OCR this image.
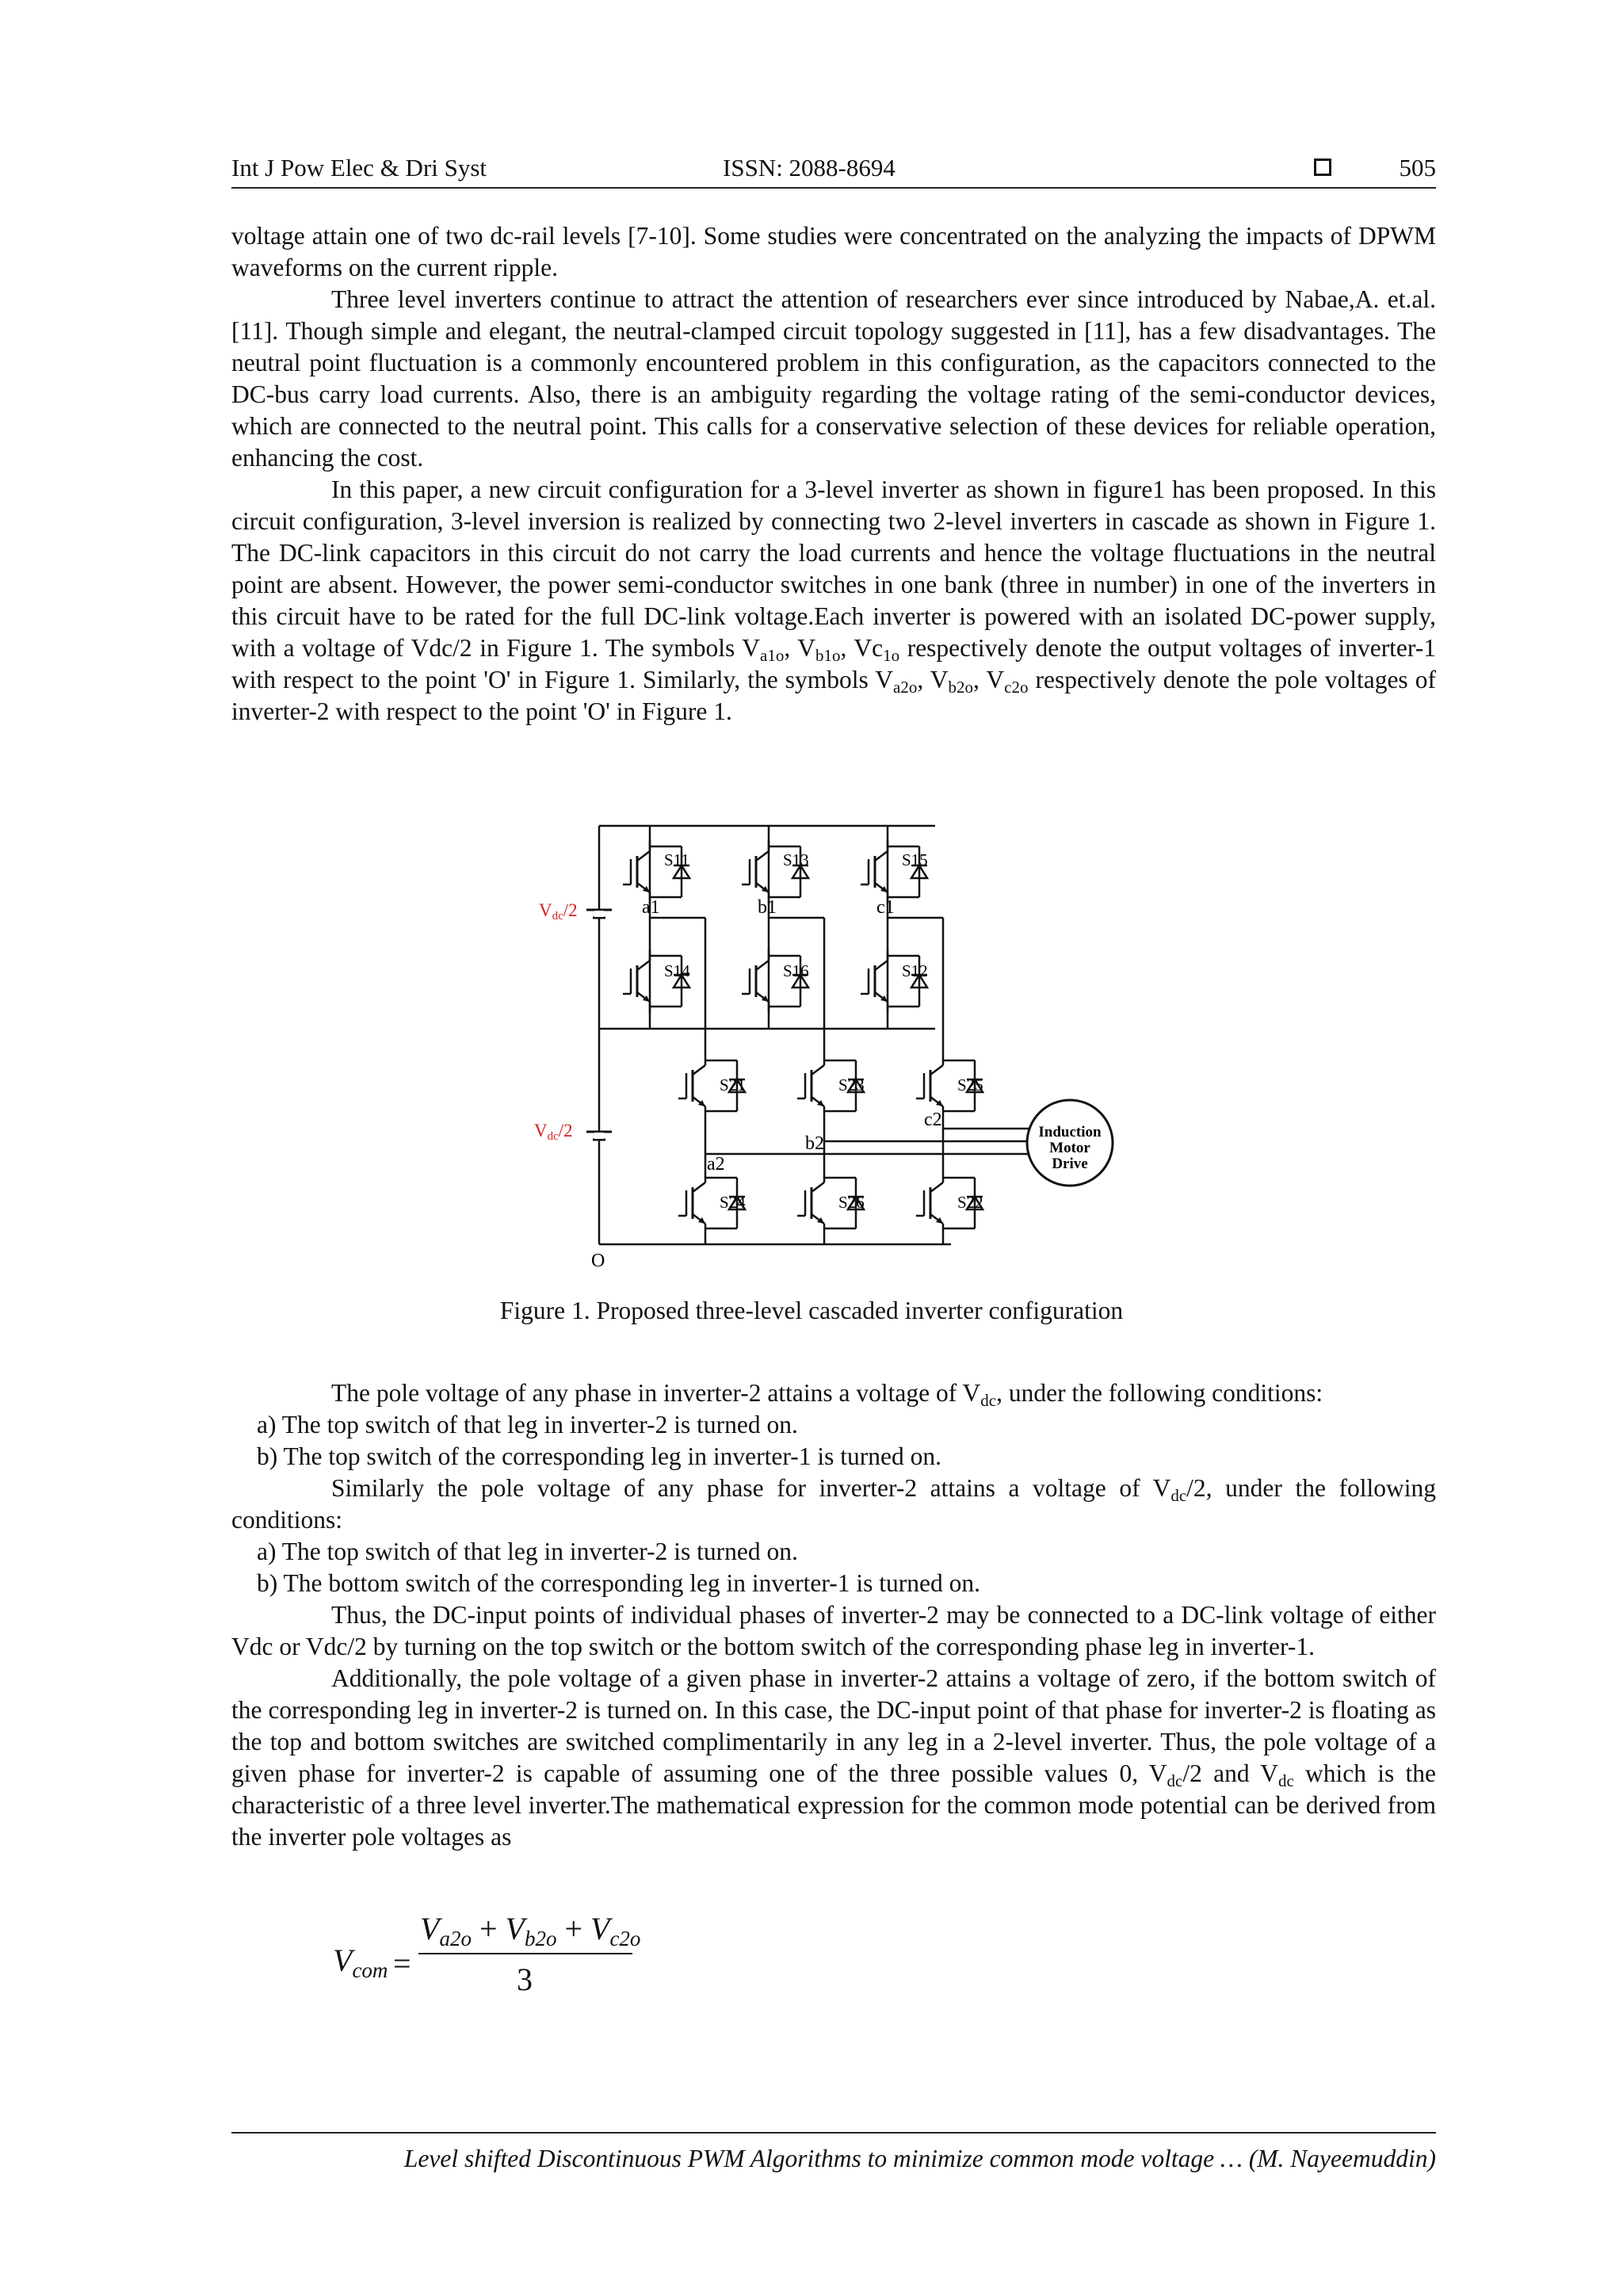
Int J Pow Elec & Dri Syst	ISSN: 2088-8694	505

voltage attain one of two dc-rail levels [7-10]. Some studies were concentrated on the analyzing the impacts of DPWM waveforms on the current ripple.

Three level inverters continue to attract the attention of researchers ever since introduced by Nabae,A. et.al. [11]. Though simple and elegant, the neutral-clamped circuit topology suggested in [11], has a few disadvantages. The neutral point fluctuation is a commonly encountered problem in this configuration, as the capacitors connected to the DC-bus carry load currents. Also, there is an ambiguity regarding the voltage rating of the semi-conductor devices, which are connected to the neutral point. This calls for a conservative selection of these devices for reliable operation, enhancing the cost.

In this paper, a new circuit configuration for a 3-level inverter as shown in figure1 has been proposed. In this circuit configuration, 3-level inversion is realized by connecting two 2-level inverters in cascade as shown in Figure 1. The DC-link capacitors in this circuit do not carry the load currents and hence the voltage fluctuations in the neutral point are absent. However, the power semi-conductor switches in one bank (three in number) in one of the inverters in this circuit have to be rated for the full DC-link voltage.Each inverter is powered with an isolated DC-power supply, with a voltage of Vdc/2 in Figure 1. The symbols $V_{a1o}$, $V_{b1o}$, $Vc_{1o}$ respectively denote the output voltages of inverter-1 with respect to the point 'O' in Figure 1. Similarly, the symbols $V_{a2o}$, $V_{b2o}$, $V_{c2o}$ respectively denote the pole voltages of inverter-2 with respect to the point 'O' in Figure 1.

S11	S13	S15
S14	S16	S12
S21	S23	S25
S24	S26	S22
a1	b1	c1
a2
b2
c2
O
Vdc/2
Vdc/2	Induction
Motor
Drive
Figure 1. Proposed three-level cascaded inverter configuration

The pole voltage of any phase in inverter-2 attains a voltage of $V_{dc}$, under the following conditions:

a) The top switch of that leg in inverter-2 is turned on.

b) The top switch of the corresponding leg in inverter-1 is turned on.

Similarly the pole voltage of any phase for inverter-2 attains a voltage of $V_{dc}/2$, under the following conditions:

a) The top switch of that leg in inverter-2 is turned on.

b) The bottom switch of the corresponding leg in inverter-1 is turned on.

Thus, the DC-input points of individual phases of inverter-2 may be connected to a DC-link voltage of either Vdc or Vdc/2 by turning on the top switch or the bottom switch of the corresponding phase leg in inverter-1.

Additionally, the pole voltage of a given phase in inverter-2 attains a voltage of zero, if the bottom switch of the corresponding leg in inverter-2 is turned on. In this case, the DC-input point of that phase for inverter-2 is floating as the top and bottom switches are switched complimentarily in any leg in a 2-level inverter. Thus, the pole voltage of a given phase for inverter-2 is capable of assuming one of the three possible values 0, $V_{dc}/2$ and $V_{dc}$ which is the characteristic of a three level inverter.The mathematical expression for the common mode potential can be derived from the inverter pole voltages as

$V_{com}$ =
$V_{a2o} + V_{b2o} + V_{c2o}$
3
Level shifted Discontinuous PWM Algorithms to minimize common mode voltage … (M. Nayeemuddin)
